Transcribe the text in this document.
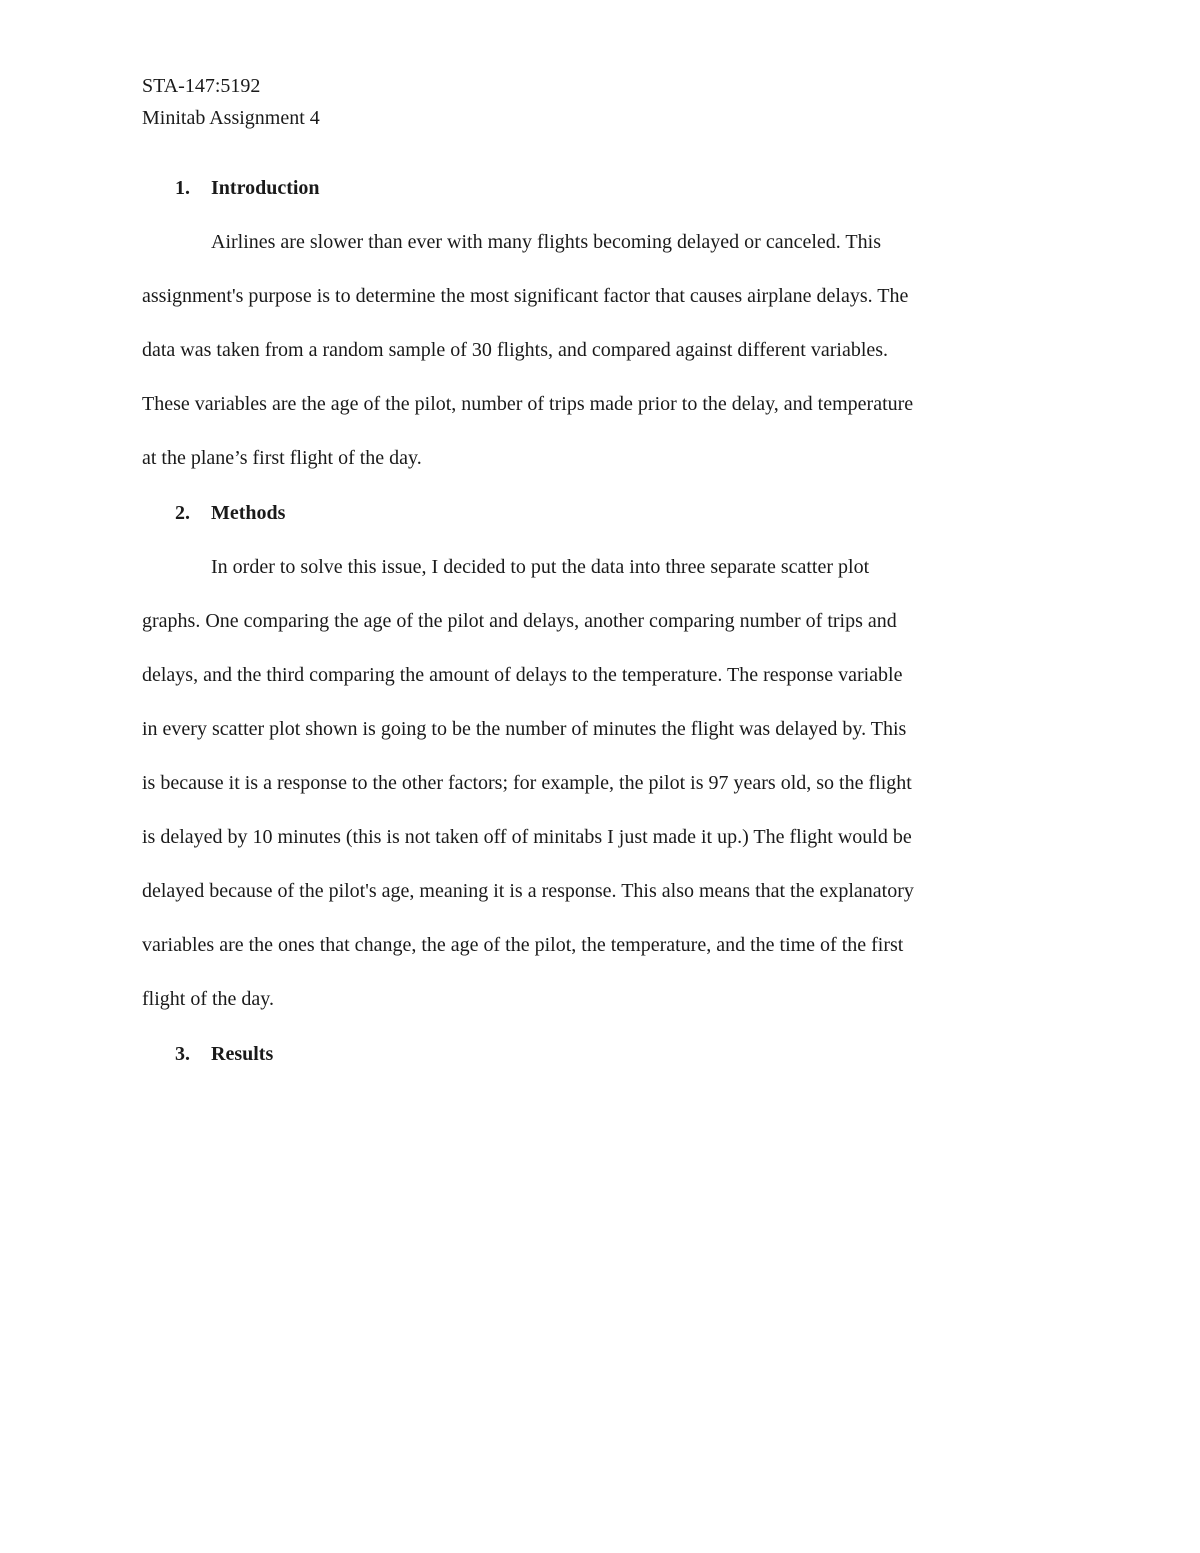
STA-147:5192
Minitab Assignment 4
1. Introduction
Airlines are slower than ever with many flights becoming delayed or canceled. This
assignment's purpose is to determine the most significant factor that causes airplane delays. The
data was taken from a random sample of 30 flights, and compared against different variables.
These variables are the age of the pilot, number of trips made prior to the delay, and temperature
at the plane’s first flight of the day.
2. Methods
In order to solve this issue, I decided to put the data into three separate scatter plot
graphs. One comparing the age of the pilot and delays, another comparing number of trips and
delays, and the third comparing the amount of delays to the temperature. The response variable
in every scatter plot shown is going to be the number of minutes the flight was delayed by. This
is because it is a response to the other factors; for example, the pilot is 97 years old, so the flight
is delayed by 10 minutes (this is not taken off of minitabs I just made it up.) The flight would be
delayed because of the pilot's age, meaning it is a response. This also means that the explanatory
variables are the ones that change, the age of the pilot, the temperature, and the time of the first
flight of the day.
3. Results
